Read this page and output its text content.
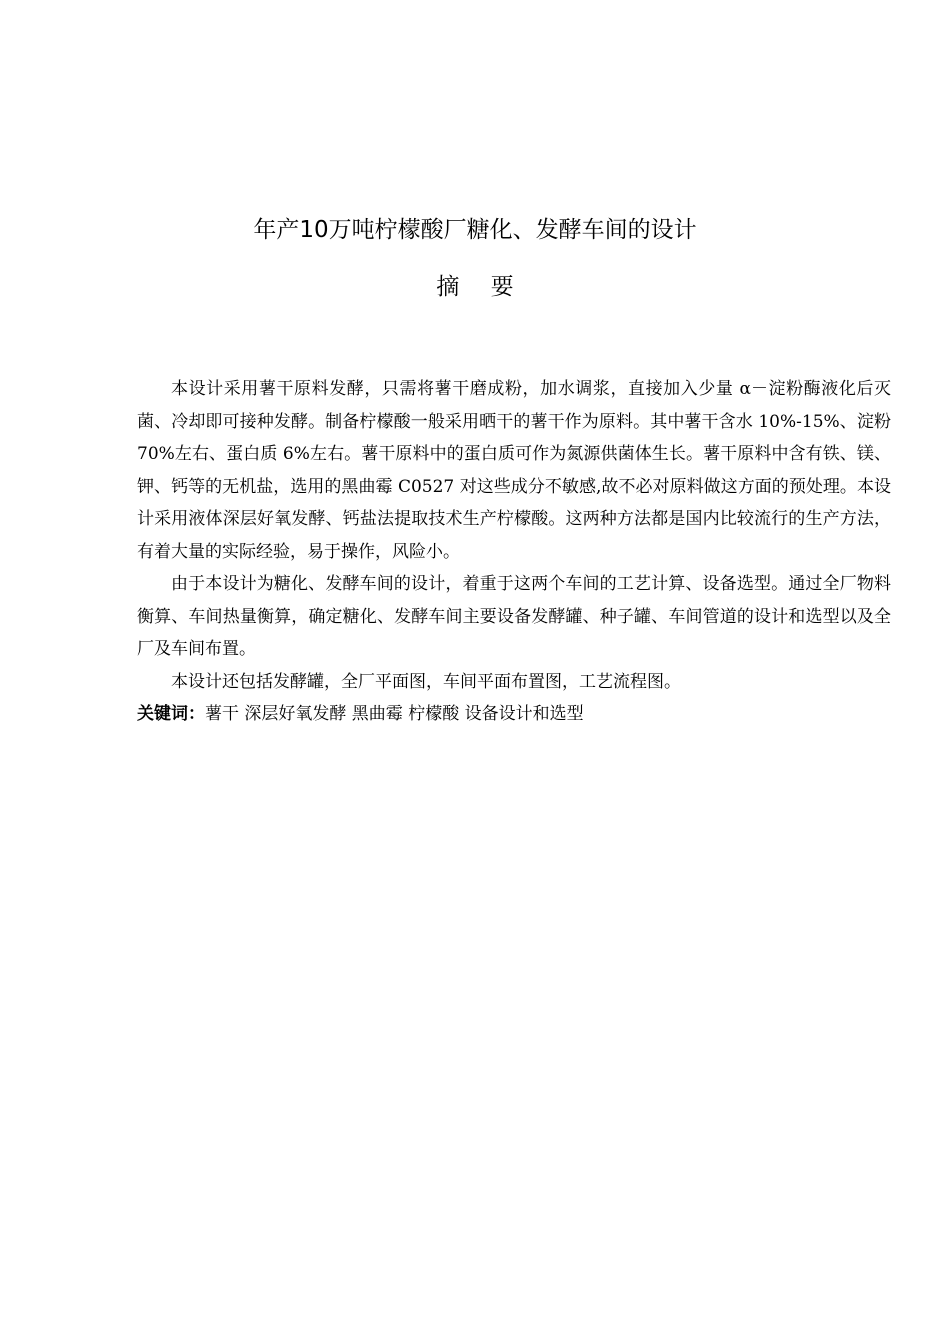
年产10万吨柠檬酸厂糖化、发酵车间的设计
摘 要

本设计采用薯干原料发酵，只需将薯干磨成粉，加水调浆，直接加入少量 α－淀粉酶液化后灭菌、冷却即可接种发酵。制备柠檬酸一般采用晒干的薯干作为原料。其中薯干含水 10%-15%、淀粉 70%左右、蛋白质 6%左右。薯干原料中的蛋白质可作为氮源供菌体生长。薯干原料中含有铁、镁、钾、钙等的无机盐，选用的黑曲霉 C0527 对这些成分不敏感,故不必对原料做这方面的预处理。本设计采用液体深层好氧发酵、钙盐法提取技术生产柠檬酸。这两种方法都是国内比较流行的生产方法，有着大量的实际经验，易于操作，风险小。

由于本设计为糖化、发酵车间的设计，着重于这两个车间的工艺计算、设备选型。通过全厂物料衡算、车间热量衡算，确定糖化、发酵车间主要设备发酵罐、种子罐、车间管道的设计和选型以及全厂及车间布置。

本设计还包括发酵罐，全厂平面图，车间平面布置图，工艺流程图。

关键词：薯干 深层好氧发酵 黑曲霉 柠檬酸 设备设计和选型
